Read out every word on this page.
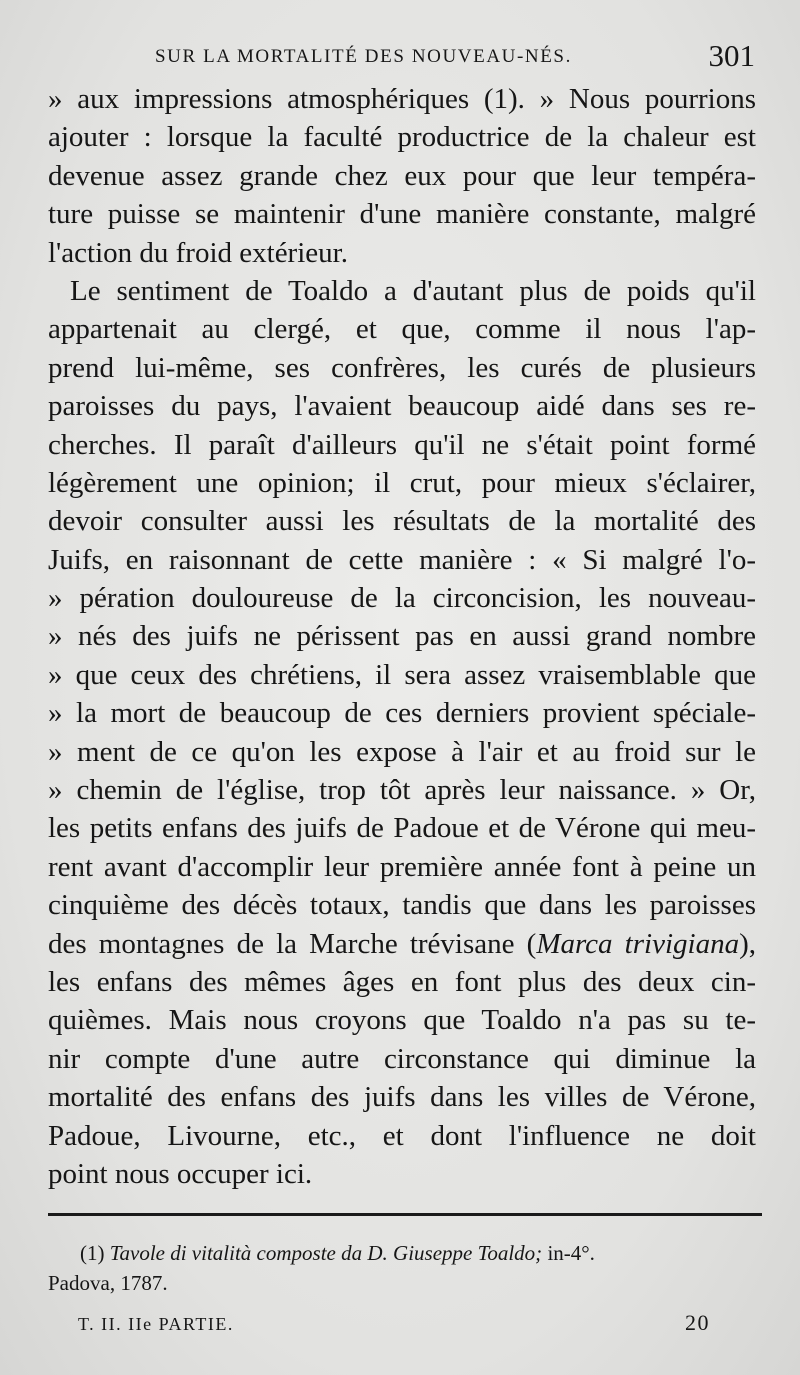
SUR LA MORTALITÉ DES NOUVEAU-NÉS.	301
» aux impressions atmosphériques (1). » Nous pourrions
ajouter : lorsque la faculté productrice de la chaleur est
devenue assez grande chez eux pour que leur tempéra-
ture puisse se maintenir d'une manière constante, malgré
l'action du froid extérieur.
Le sentiment de Toaldo a d'autant plus de poids qu'il
appartenait au clergé, et que, comme il nous l'ap-
prend lui-même, ses confrères, les curés de plusieurs
paroisses du pays, l'avaient beaucoup aidé dans ses re-
cherches. Il paraît d'ailleurs qu'il ne s'était point formé
légèrement une opinion; il crut, pour mieux s'éclairer,
devoir consulter aussi les résultats de la mortalité des
Juifs, en raisonnant de cette manière : « Si malgré l'o-
» pération douloureuse de la circoncision, les nouveau-
» nés des juifs ne périssent pas en aussi grand nombre
» que ceux des chrétiens, il sera assez vraisemblable que
» la mort de beaucoup de ces derniers provient spéciale-
» ment de ce qu'on les expose à l'air et au froid sur le
» chemin de l'église, trop tôt après leur naissance. » Or,
les petits enfans des juifs de Padoue et de Vérone qui meu-
rent avant d'accomplir leur première année font à peine un
cinquième des décès totaux, tandis que dans les paroisses
des montagnes de la Marche trévisane (Marca trivigiana),
les enfans des mêmes âges en font plus des deux cin-
quièmes. Mais nous croyons que Toaldo n'a pas su te-
nir compte d'une autre circonstance qui diminue la
mortalité des enfans des juifs dans les villes de Vérone,
Padoue, Livourne, etc., et dont l'influence ne doit
point nous occuper ici.
(1) Tavole di vitalità composte da D. Giuseppe Toaldo; in-4°.
Padova, 1787.
T. II. IIe PARTIE.	20
